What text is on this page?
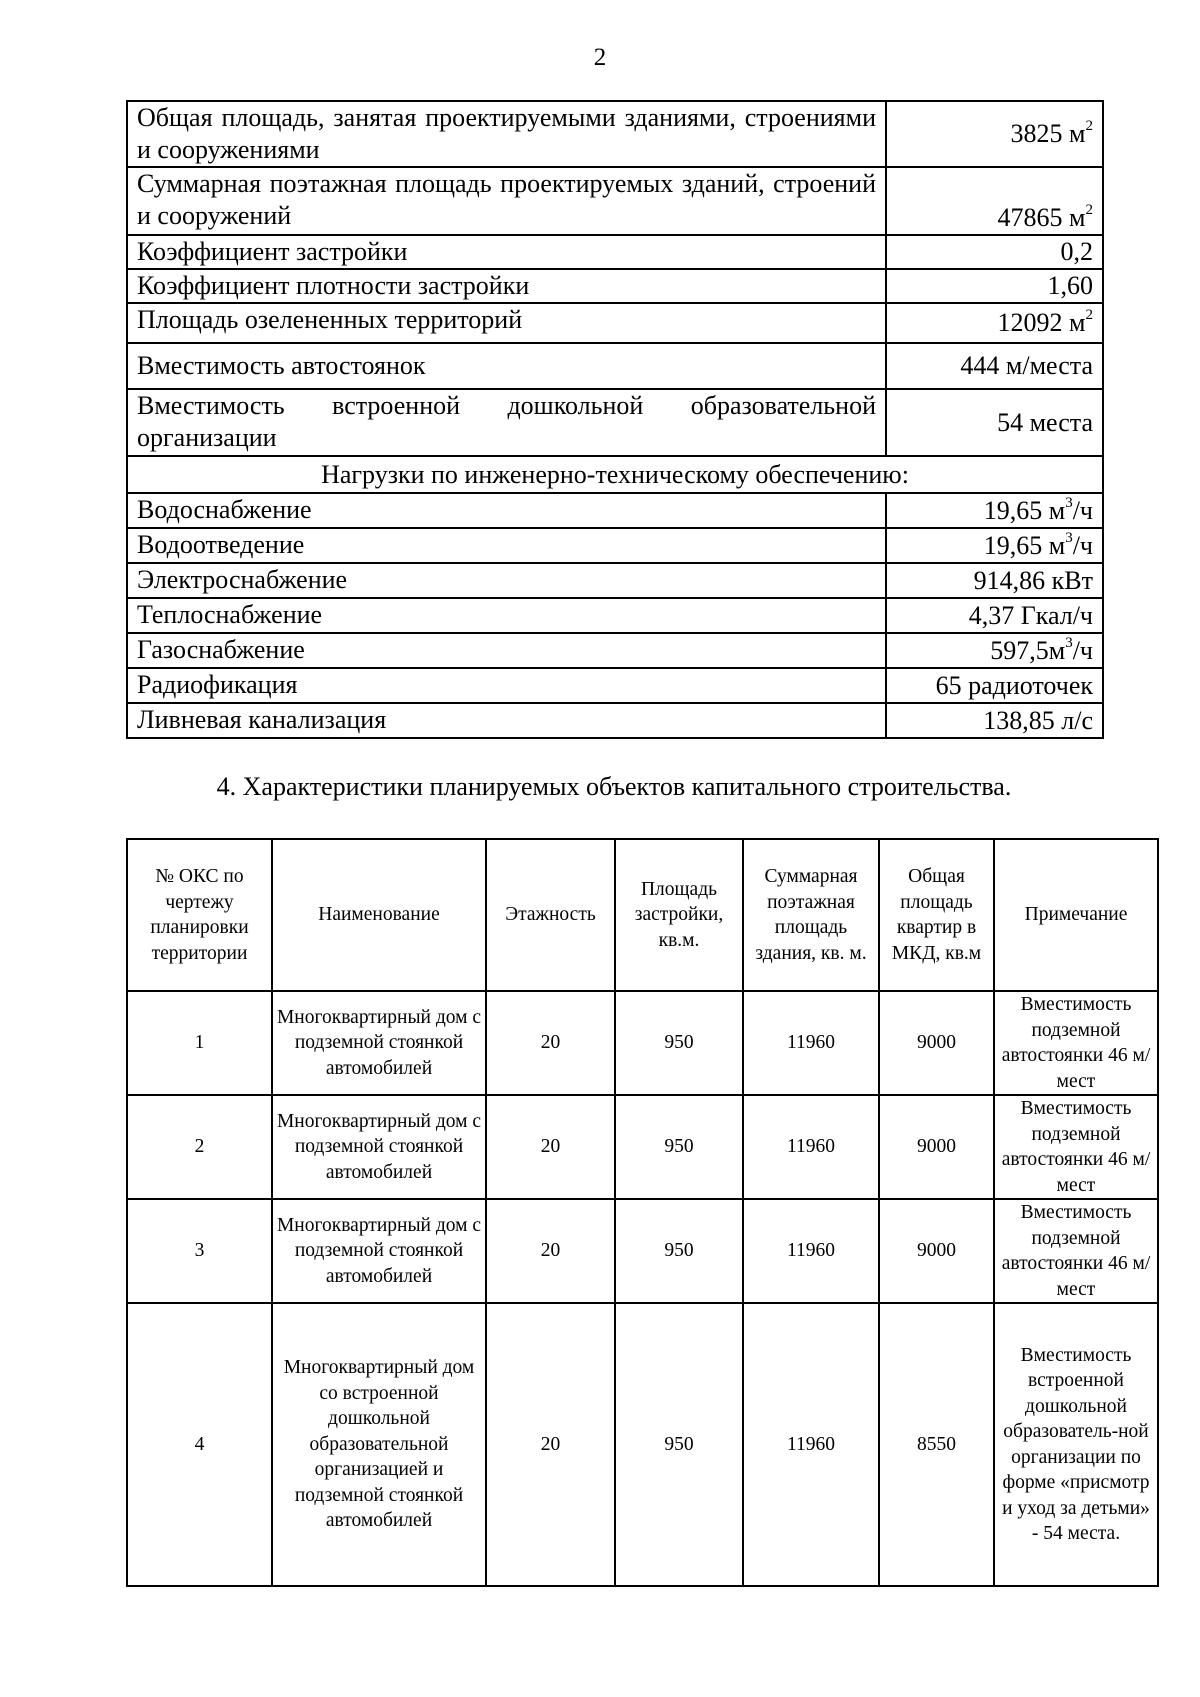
2
Общая площадь, занятая проектируемыми зданиями, строениями и сооружениями	3825 $м^2$
Суммарная поэтажная площадь проектируемых зданий, строений и сооружений	47865 $м^2$
Коэффициент застройки	0,2
Коэффициент плотности застройки	1,60
Площадь озелененных территорий	12092 $м^2$
Вместимость автостоянок	444 м/места
Вместимость встроенной дошкольной образовательной организации	54 места
Нагрузки по инженерно-техническому обеспечению:	
Водоснабжение	19,65 $м^3/ч$
Водоотведение	19,65 $м^3/ч$
Электроснабжение	914,86 кВт
Теплоснабжение	4,37 Гкал/ч
Газоснабжение	$597,5м^3/ч$
Радиофикация	65 радиоточек
Ливневая канализация	138,85 л/с
4. Характеристики планируемых объектов капитального строительства.
№ ОКС по чертежу планировки территории	Наименование	Этажность	Площадь застройки, кв.м.	Суммарная поэтажная площадь здания, кв. м.	Общая площадь квартир в МКД, кв.м	Примечание
1	Многоквартирный дом с подземной стоянкой автомобилей	20	950	11960	9000	Вместимость подземной автостоянки 46 м/мест
2	Многоквартирный дом с подземной стоянкой автомобилей	20	950	11960	9000	Вместимость подземной автостоянки 46 м/мест
3	Многоквартирный дом с подземной стоянкой автомобилей	20	950	11960	9000	Вместимость подземной автостоянки 46 м/мест
4	Многоквартирный дом со встроенной дошкольной образовательной организацией и подземной стоянкой автомобилей	20	950	11960	8550	Вместимость встроенной дошкольной образователь-ной организации по форме «присмотр и уход за детьми» - 54 места.
